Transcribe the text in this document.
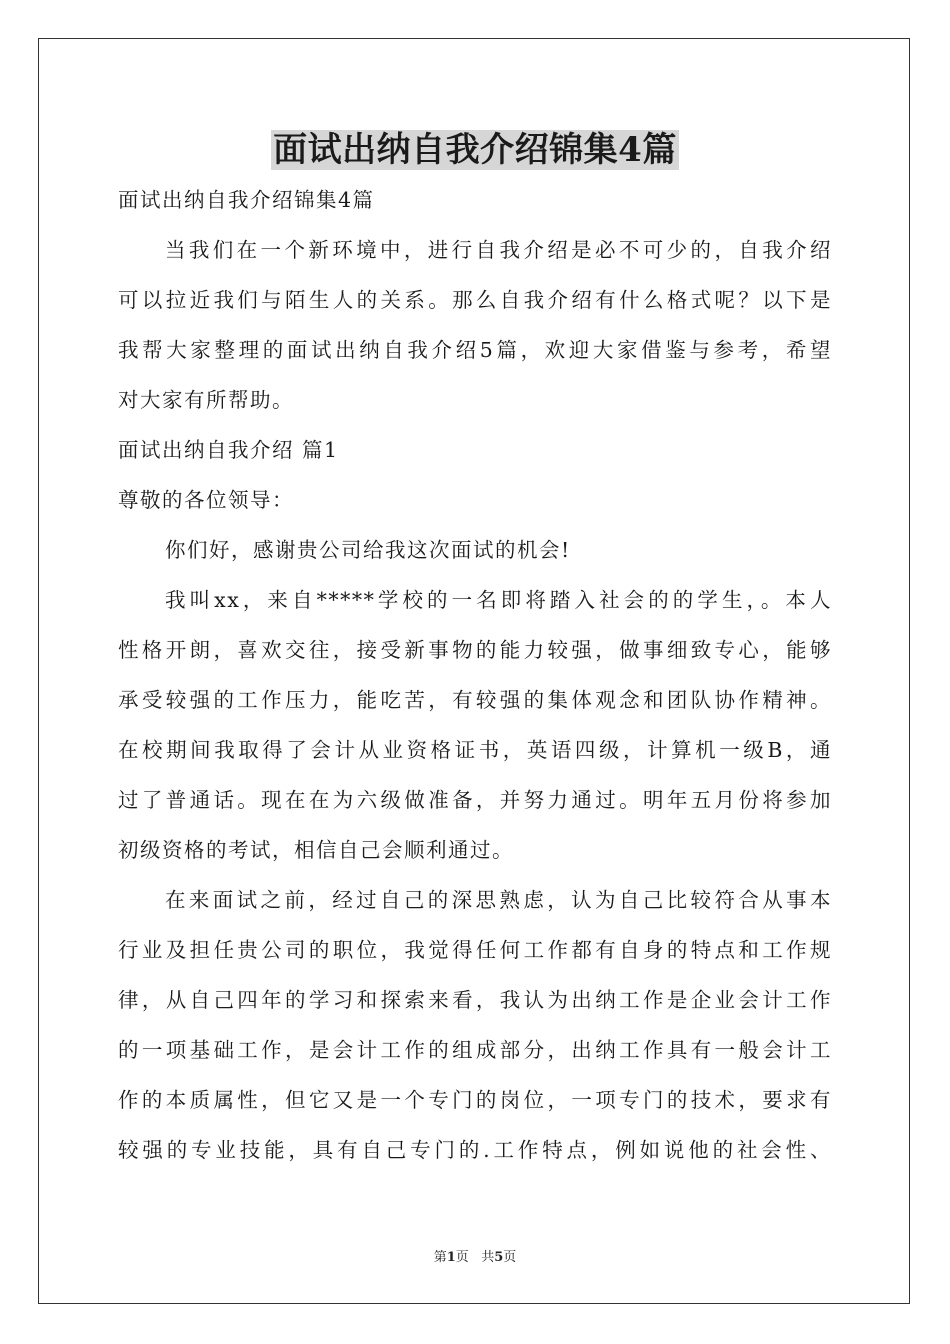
面试出纳自我介绍锦集4篇
面试出纳自我介绍锦集4篇
当我们在一个新环境中，进行自我介绍是必不可少的，自我介绍
可以拉近我们与陌生人的关系。那么自我介绍有什么格式呢？以下是
我帮大家整理的面试出纳自我介绍5篇，欢迎大家借鉴与参考，希望
对大家有所帮助。
面试出纳自我介绍 篇1
尊敬的各位领导：
你们好，感谢贵公司给我这次面试的机会!
我叫xx，来自*****学校的一名即将踏入社会的的学生，。本人
性格开朗，喜欢交往，接受新事物的能力较强，做事细致专心，能够
承受较强的工作压力，能吃苦，有较强的集体观念和团队协作精神。
在校期间我取得了会计从业资格证书，英语四级，计算机一级B，通
过了普通话。现在在为六级做准备，并努力通过。明年五月份将参加
初级资格的考试，相信自己会顺利通过。
在来面试之前，经过自己的深思熟虑，认为自己比较符合从事本
行业及担任贵公司的职位，我觉得任何工作都有自身的特点和工作规
律，从自己四年的学习和探索来看，我认为出纳工作是企业会计工作
的一项基础工作，是会计工作的组成部分，出纳工作具有一般会计工
作的本质属性，但它又是一个专门的岗位，一项专门的技术，要求有
较强的专业技能，具有自己专门的.工作特点，例如说他的社会性、
第1页 共5页
